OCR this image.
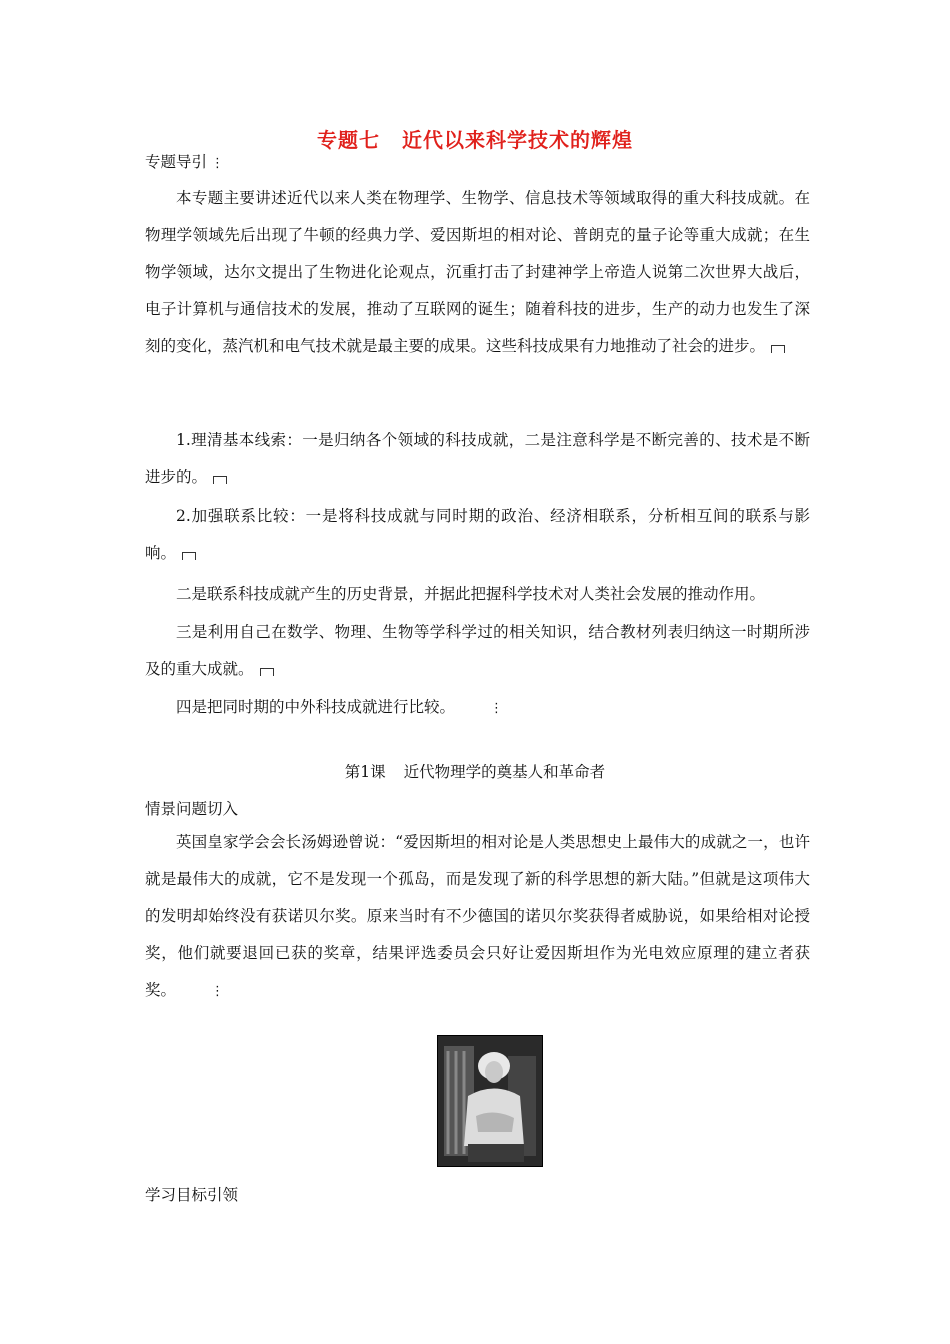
专题七 近代以来科学技术的辉煌
专题导引 ⋮
本专题主要讲述近代以来人类在物理学、生物学、信息技术等领域取得的重大科技成就。在物理学领域先后出现了牛顿的经典力学、爱因斯坦的相对论、普朗克的量子论等重大成就；在生物学领域，达尔文提出了生物进化论观点，沉重打击了封建神学上帝造人说第二次世界大战后，电子计算机与通信技术的发展，推动了互联网的诞生；随着科技的进步，生产的动力也发生了深刻的变化，蒸汽机和电气技术就是最主要的成果。这些科技成果有力地推动了社会的进步。
1.理清基本线索：一是归纳各个领域的科技成就，二是注意科学是不断完善的、技术是不断进步的。
2.加强联系比较：一是将科技成就与同时期的政治、经济相联系，分析相互间的联系与影响。
二是联系科技成就产生的历史背景，并据此把握科学技术对人类社会发展的推动作用。
三是利用自己在数学、物理、生物等学科学过的相关知识，结合教材列表归纳这一时期所涉及的重大成就。
四是把同时期的中外科技成就进行比较。	⋮
第1课 近代物理学的奠基人和革命者
情景问题切入
英国皇家学会会长汤姆逊曾说：“爱因斯坦的相对论是人类思想史上最伟大的成就之一，也许就是最伟大的成就，它不是发现一个孤岛，而是发现了新的科学思想的新大陆。”但就是这项伟大的发明却始终没有获诺贝尔奖。原来当时有不少德国的诺贝尔奖获得者威胁说，如果给相对论授奖，他们就要退回已获的奖章，结果评选委员会只好让爱因斯坦作为光电效应原理的建立者获奖。	⋮
学习目标引领
